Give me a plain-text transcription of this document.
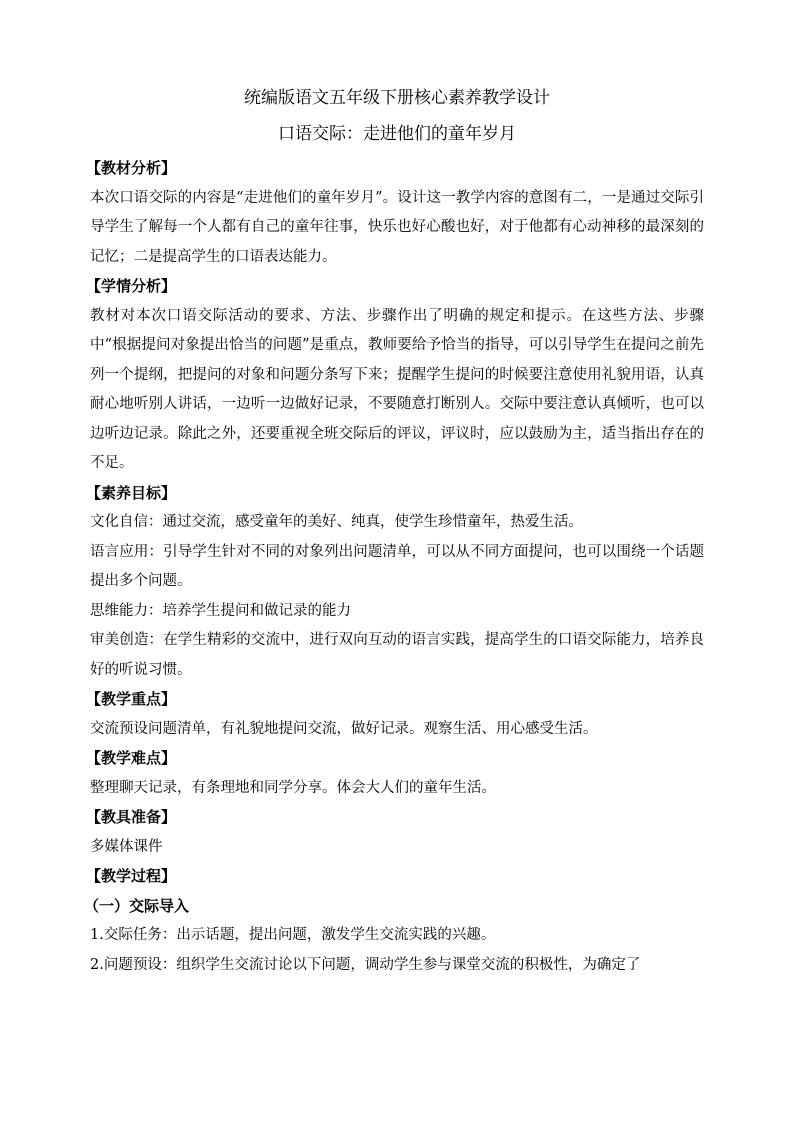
统编版语文五年级下册核心素养教学设计

口语交际：走进他们的童年岁月

【教材分析】

本次口语交际的内容是“走进他们的童年岁月”。设计这一教学内容的意图有二，一是通过交际引导学生了解每一个人都有自己的童年往事，快乐也好心酸也好，对于他都有心动神移的最深刻的记忆；二是提高学生的口语表达能力。

【学情分析】

教材对本次口语交际活动的要求、方法、步骤作出了明确的规定和提示。在这些方法、步骤中“根据提问对象提出恰当的问题”是重点，教师要给予恰当的指导，可以引导学生在提问之前先列一个提纲，把提问的对象和问题分条写下来；提醒学生提问的时候要注意使用礼貌用语，认真耐心地听别人讲话，一边听一边做好记录，不要随意打断别人。交际中要注意认真倾听，也可以边听边记录。除此之外，还要重视全班交际后的评议，评议时，应以鼓励为主，适当指出存在的不足。

【素养目标】

文化自信：通过交流，感受童年的美好、纯真，使学生珍惜童年，热爱生活。

语言应用：引导学生针对不同的对象列出问题清单，可以从不同方面提问，也可以围绕一个话题提出多个问题。

思维能力：培养学生提问和做记录的能力

审美创造：在学生精彩的交流中，进行双向互动的语言实践，提高学生的口语交际能力，培养良好的听说习惯。

【教学重点】

交流预设问题清单，有礼貌地提问交流，做好记录。观察生活、用心感受生活。

【教学难点】

整理聊天记录，有条理地和同学分享。体会大人们的童年生活。

【教具准备】

多媒体课件

【教学过程】

（一）交际导入

1.交际任务：出示话题，提出问题，激发学生交流实践的兴趣。

2.问题预设：组织学生交流讨论以下问题，调动学生参与课堂交流的积极性，为确定了
